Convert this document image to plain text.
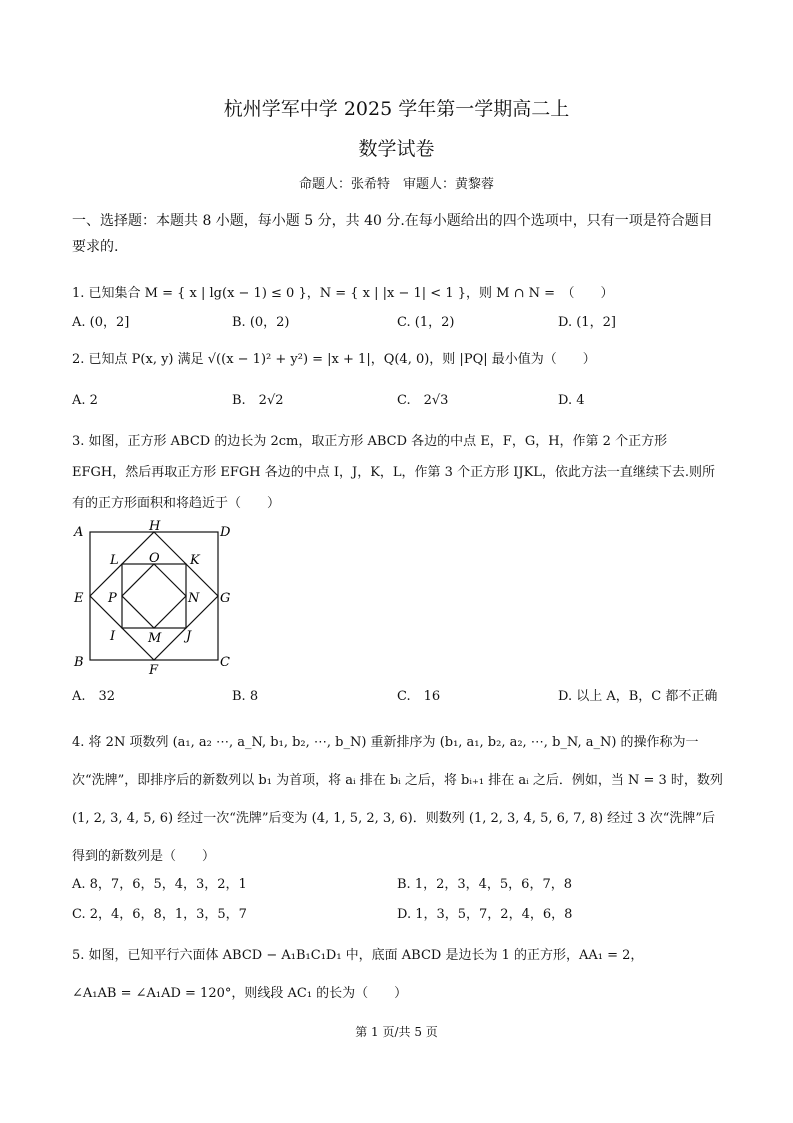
杭州学军中学 2025 学年第一学期高二上
数学试卷
命题人：张希特　审题人：黄黎蓉
一、选择题：本题共 8 小题，每小题 5 分，共 40 分.在每小题给出的四个选项中，只有一项是符合题目要求的.
1. 已知集合 M = { x | lg(x − 1) ≤ 0 }，N = { x | |x − 1| < 1 }，则 M ∩ N =　（　　）
A. (0，2]	B. (0，2)	C. (1，2)	D. (1，2]
2. 已知点 P(x, y) 满足 √((x − 1)² + y²) = |x + 1|，Q(4, 0)，则 |PQ| 最小值为（　　）
A. 2	B.　2√2	C.　2√3	D. 4
3. 如图，正方形 ABCD 的边长为 2cm，取正方形 ABCD 各边的中点 E，F，G，H，作第 2 个正方形 EFGH，然后再取正方形 EFGH 各边的中点 I，J，K，L，作第 3 个正方形 IJKL，依此方法一直继续下去.则所有的正方形面积和将趋近于（　　）
A	D
B	C
H
F
E	G
L	K
I	J
O
M
P	N
A.　32	B. 8	C.　16	D. 以上 A，B，C 都不正确
4. 将 2N 项数列 (a₁, a₂ ⋯, a_N, b₁, b₂, ⋯, b_N) 重新排序为 (b₁, a₁, b₂, a₂, ⋯, b_N, a_N) 的操作称为一次“洗牌”，即排序后的新数列以 b₁ 为首项，将 aᵢ 排在 bᵢ 之后，将 bᵢ₊₁ 排在 aᵢ 之后．例如，当 N = 3 时，数列 (1, 2, 3, 4, 5, 6) 经过一次“洗牌”后变为 (4, 1, 5, 2, 3, 6)．则数列 (1, 2, 3, 4, 5, 6, 7, 8) 经过 3 次“洗牌”后得到的新数列是（　　）
A. 8，7，6，5，4，3，2，1	B. 1，2，3，4，5，6，7，8
C. 2，4，6，8，1，3，5，7	D. 1，3，5，7，2，4，6，8
5. 如图，已知平行六面体 ABCD − A₁B₁C₁D₁ 中，底面 ABCD 是边长为 1 的正方形，AA₁ = 2，
∠A₁AB = ∠A₁AD = 120°，则线段 AC₁ 的长为（　　）
第 1 页/共 5 页
